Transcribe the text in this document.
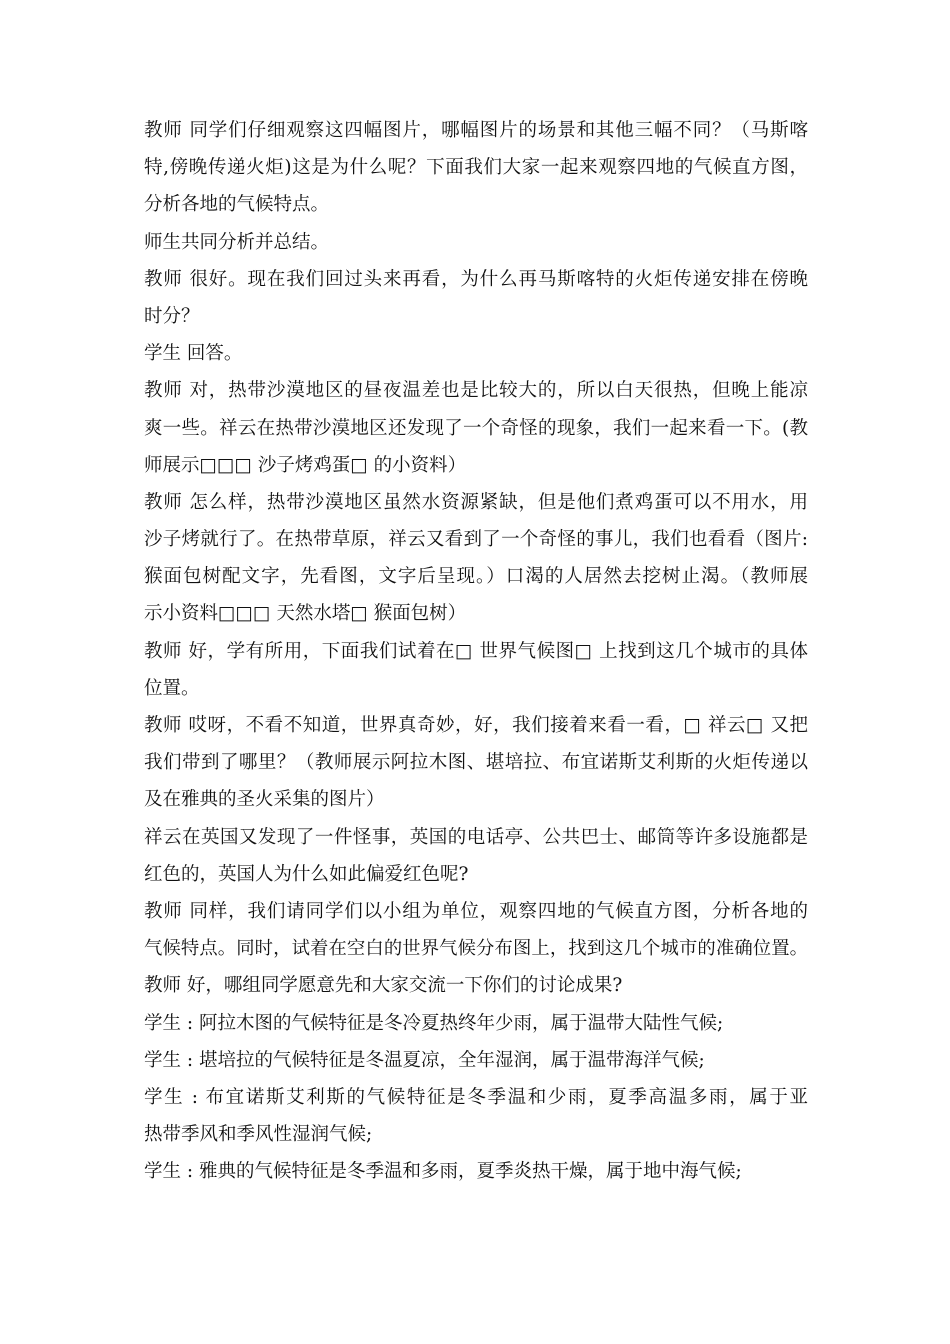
教师 同学们仔细观察这四幅图片，哪幅图片的场景和其他三幅不同？（马斯喀
特,傍晚传递火炬)这是为什么呢？下面我们大家一起来观察四地的气候直方图，
分析各地的气候特点。
师生共同分析并总结。
教师 很好。现在我们回过头来再看，为什么再马斯喀特的火炬传递安排在傍晚
时分？
学生 回答。
教师 对，热带沙漠地区的昼夜温差也是比较大的，所以白天很热，但晚上能凉
爽一些。祥云在热带沙漠地区还发现了一个奇怪的现象，我们一起来看一下。(教
师展示□□□ 沙子烤鸡蛋□ 的小资料）
教师 怎么样，热带沙漠地区虽然水资源紧缺，但是他们煮鸡蛋可以不用水，用
沙子烤就行了。在热带草原，祥云又看到了一个奇怪的事儿，我们也看看（图片:
猴面包树配文字，先看图，文字后呈现。）口渴的人居然去挖树止渴。（教师展
示小资料□□□ 天然水塔□ 猴面包树）
教师 好，学有所用，下面我们试着在□ 世界气候图□ 上找到这几个城市的具体
位置。
教师 哎呀，不看不知道，世界真奇妙，好，我们接着来看一看，□ 祥云□ 又把
我们带到了哪里？（教师展示阿拉木图、堪培拉、布宜诺斯艾利斯的火炬传递以
及在雅典的圣火采集的图片）
祥云在英国又发现了一件怪事，英国的电话亭、公共巴士、邮筒等许多设施都是
红色的，英国人为什么如此偏爱红色呢?
教师 同样，我们请同学们以小组为单位，观察四地的气候直方图，分析各地的
气候特点。同时，试着在空白的世界气候分布图上，找到这几个城市的准确位置。
教师 好，哪组同学愿意先和大家交流一下你们的讨论成果?
学生 : 阿拉木图的气候特征是冬冷夏热终年少雨，属于温带大陆性气候;
学生 : 堪培拉的气候特征是冬温夏凉，全年湿润，属于温带海洋气候;
学生 : 布宜诺斯艾利斯的气候特征是冬季温和少雨，夏季高温多雨，属于亚
热带季风和季风性湿润气候;
学生 : 雅典的气候特征是冬季温和多雨，夏季炎热干燥，属于地中海气候;
